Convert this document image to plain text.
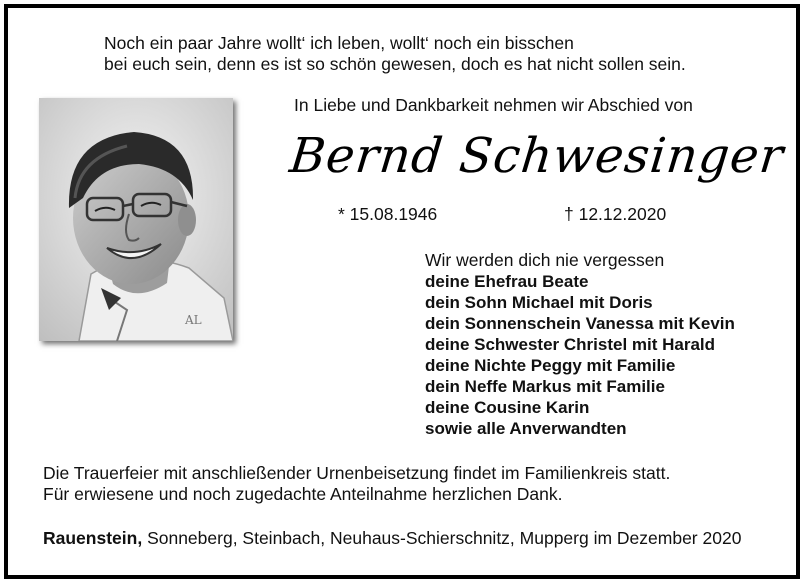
Noch ein paar Jahre wollt‘ ich leben, wollt‘ noch ein bisschen
bei euch sein, denn es ist so schön gewesen, doch es hat nicht sollen sein.
AL
In Liebe und Dankbarkeit nehmen wir Abschied von
Bernd Schwesinger
* 15.08.1946	† 12.12.2020
Wir werden dich nie vergessen
deine Ehefrau Beate
dein Sohn Michael mit Doris
dein Sonnenschein Vanessa mit Kevin
deine Schwester Christel mit Harald
deine Nichte Peggy mit Familie
dein Neffe Markus mit Familie
deine Cousine Karin
sowie alle Anverwandten
Die Trauerfeier mit anschließender Urnenbeisetzung findet im Familienkreis statt.
Für erwiesene und noch zugedachte Anteilnahme herzlichen Dank.
Rauenstein, Sonneberg, Steinbach, Neuhaus-Schierschnitz, Mupperg im Dezember 2020
